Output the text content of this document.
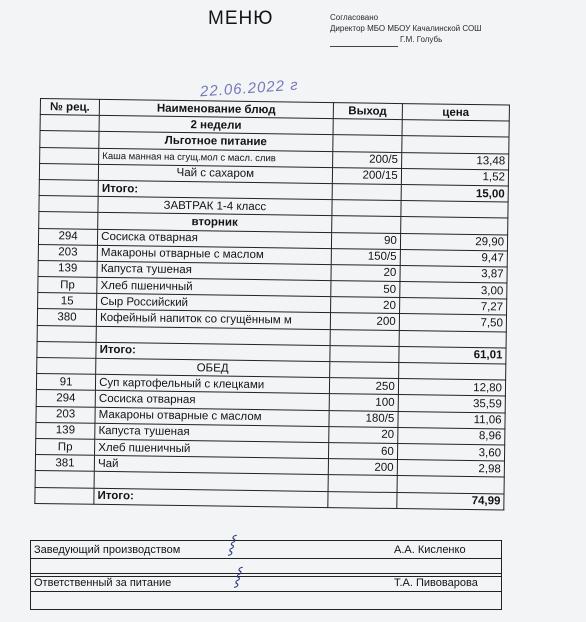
МЕНЮ	Согласовано
Директор МБО МБОУ Качалинской СОШ
Г.М. Голубь
22.06.2022 г
№ рец.	Наименование блюд	Выход	цена
	2 недели		
	Льготное питание		
	Каша манная на сгущ.мол с масл. слив	200/5	13,48
	Чай с сахаром	200/15	1,52
	Итого:		15,00
	ЗАВТРАК 1-4 класс		
	вторник		
294	Сосиска отварная	90	29,90
203	Макароны отварные с маслом	150/5	9,47
139	Капуста тушеная	20	3,87
Пр	Хлеб пшеничный	50	3,00
15	Сыр Российский	20	7,27
380	Кофейный напиток со сгущённым м	200	7,50

	Итого:		61,01
	ОБЕД		
91	Суп картофельный с клецками	250	12,80
294	Сосиска отварная	100	35,59
203	Макароны отварные с маслом	180/5	11,06
139	Капуста тушеная	20	8,96
Пр	Хлеб пшеничный	60	3,60
381	Чай	200	2,98

	Итого:		74,99
Заведующий производством	А.А. Кисленко
⸾
Ответственный за питание	Т.А. Пивоварова
⸾
